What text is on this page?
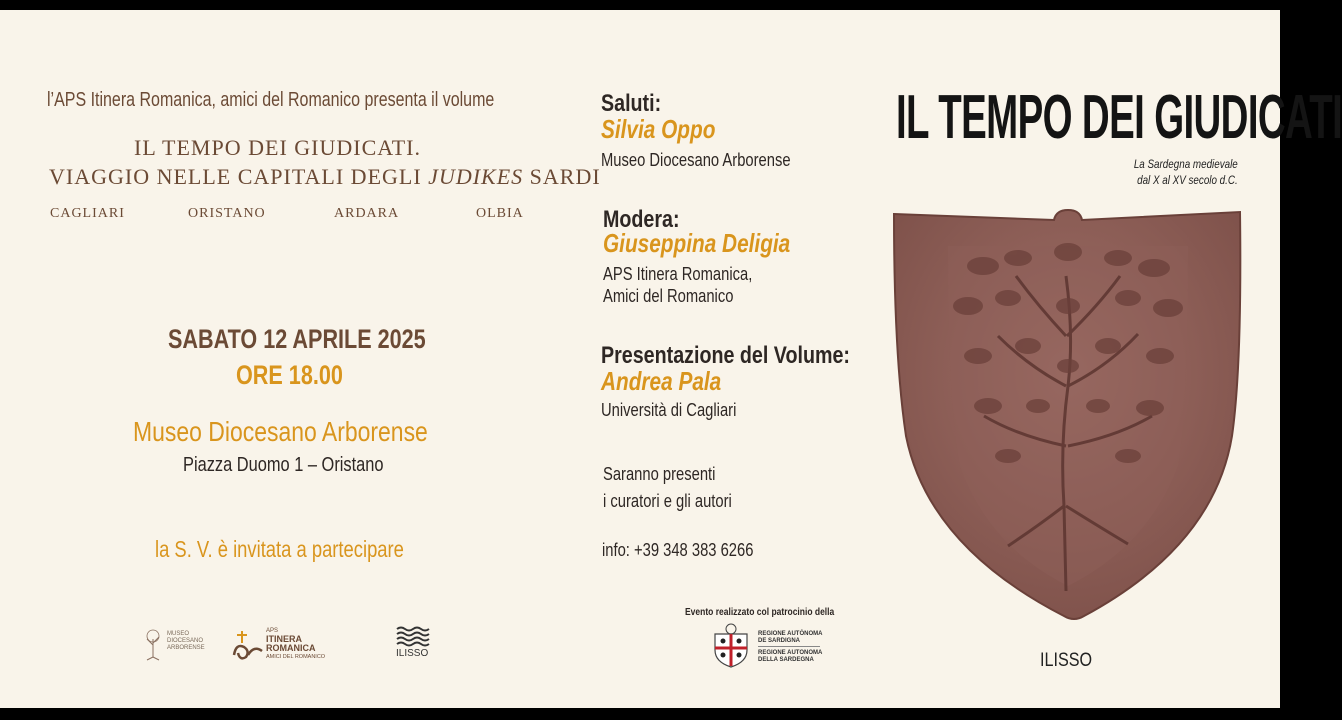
l’APS Itinera Romanica, amici del Romanico presenta il volume
IL TEMPO DEI GIUDICATI.
VIAGGIO NELLE CAPITALI DEGLI JUDIKES SARDI
CAGLIARI	ORISTANO	ARDARA	OLBIA
SABATO 12 APRILE 2025
ORE 18.00
Museo Diocesano Arborense
Piazza Duomo 1 – Oristano
la S. V. è invitata a partecipare
MUSEO
DIOCESANO
ARBORENSE
APS
ITINERA
ROMANICA
AMICI DEL ROMANICO	ILISSO
Saluti:
Silvia Oppo
Museo Diocesano Arborense
Modera:
Giuseppina Deligia
APS Itinera Romanica,
Amici del Romanico
Presentazione del Volume:
Andrea Pala
Università di Cagliari
Saranno presenti
i curatori e gli autori
info: +39 348 383 6266
Evento realizzato col patrocinio della
REGIONE AUTÒNOMA
DE SARDIGNA
REGIONE AUTONOMA
DELLA SARDEGNA
IL TEMPO DEI GIUDICATI
La Sardegna medievale
dal X al XV secolo d.C.
ILISSO
